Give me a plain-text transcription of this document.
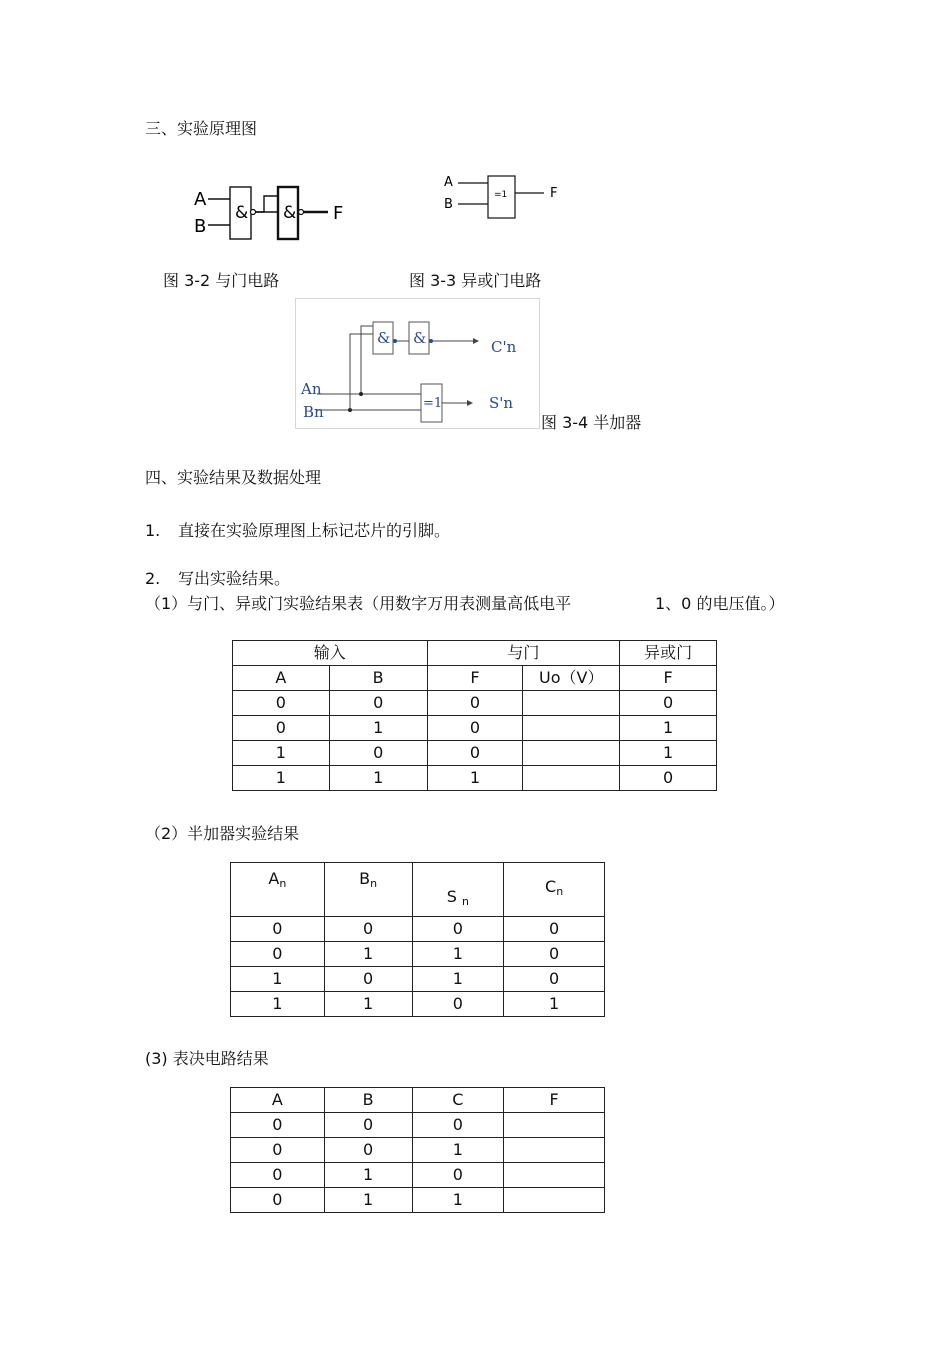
三、实验原理图
A
B
& & F
A
B
=1	F
图 3-2 与门电路	图 3-3 异或门电路
& &	C'n
=1	S'n
An
Bn
图 3-4 半加器
四、实验结果及数据处理
1. 直接在实验原理图上标记芯片的引脚。
2. 写出实验结果。
（1）与门、异或门实验结果表（用数字万用表测量高低电平	1、0 的电压值。）
输入		与门		异或门
A	B	F	Uo（V）	F
0	0	0		0
0	1	0		1
1	0	0		1
1	1	1		0
（2）半加器实验结果
$A_n$	$B_n$	S $_n$	$C_n$
0	0	0	0
0	1	1	0
1	0	1	0
1	1	0	1
(3) 表决电路结果
A	B	C	F
0	0	0	
0	0	1	
0	1	0	
0	1	1	
